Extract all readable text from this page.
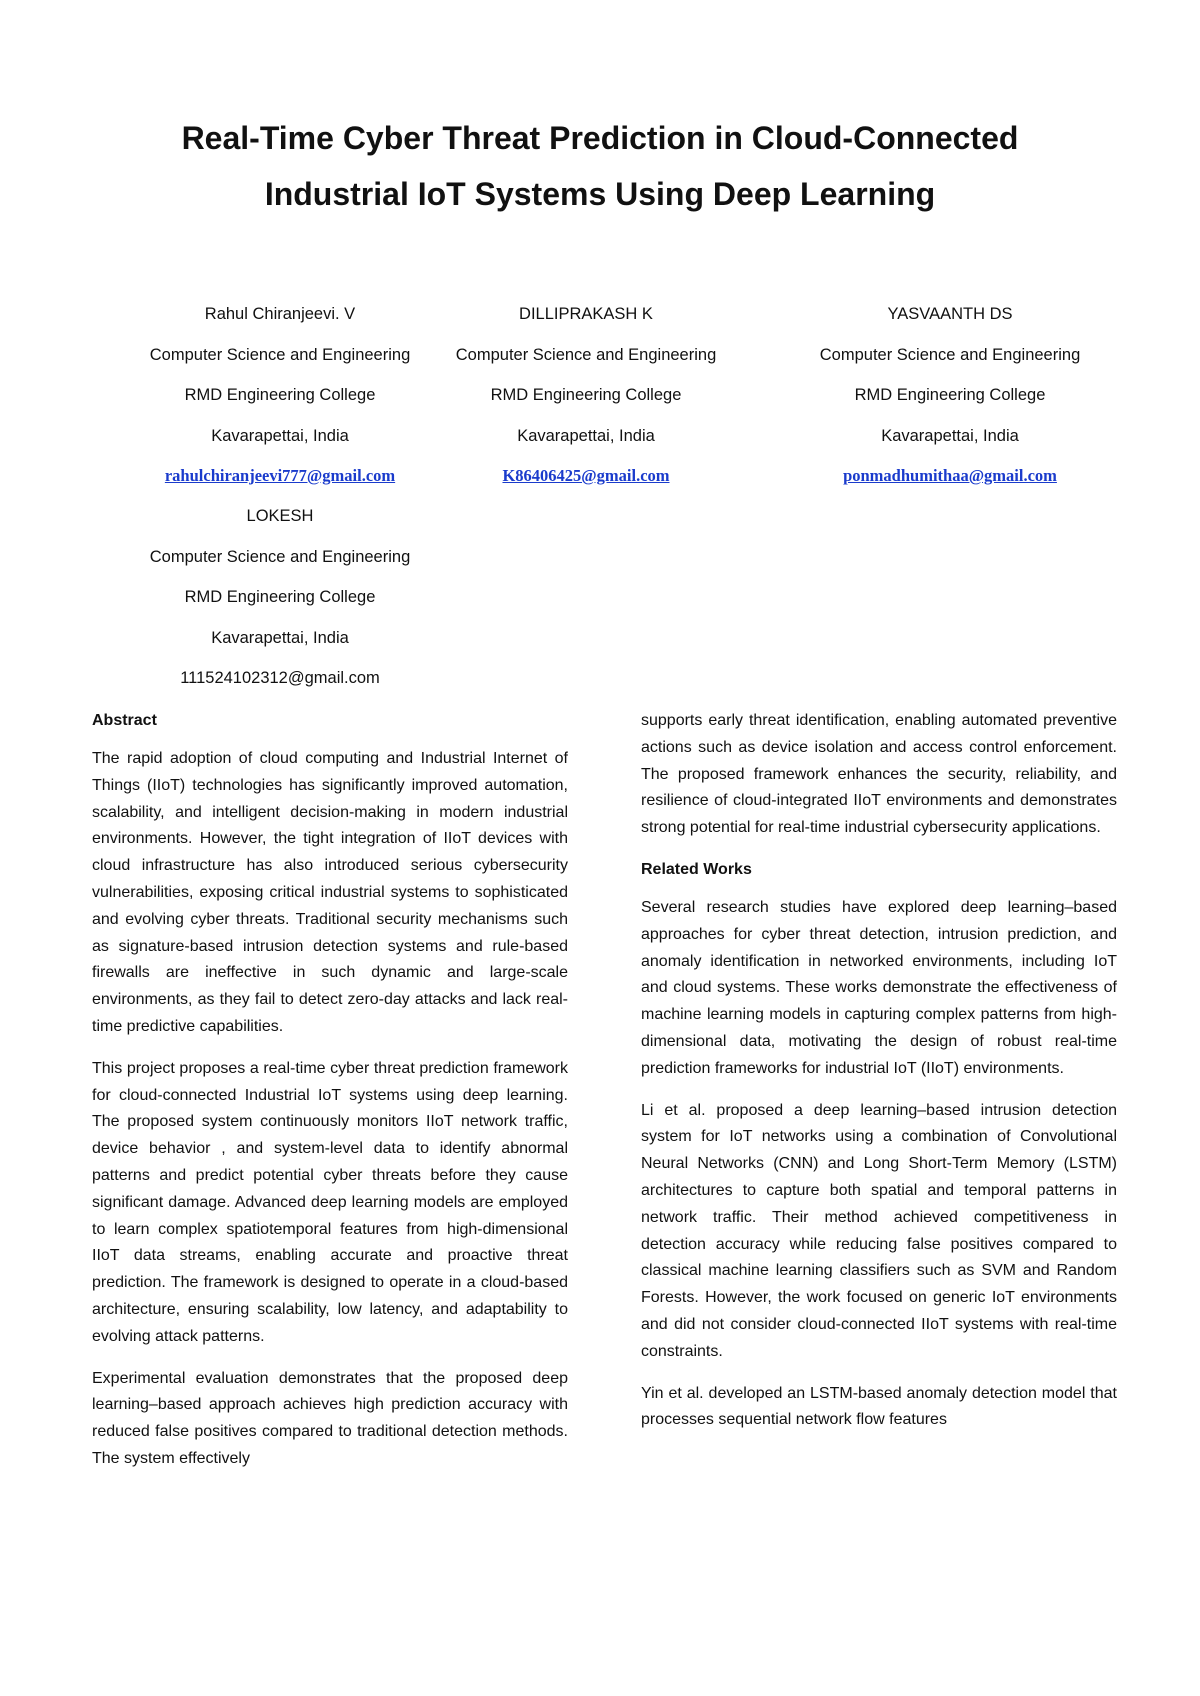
Real-Time Cyber Threat Prediction in Cloud-Connected
Industrial IoT Systems Using Deep Learning
Rahul Chiranjeevi. V
Computer Science and Engineering
RMD Engineering College
Kavarapettai, India
rahulchiranjeevi777@gmail.com
DILLIPRAKASH K
Computer Science and Engineering
RMD Engineering College
Kavarapettai, India
K86406425@gmail.com
YASVAANTH DS
Computer Science and Engineering
RMD Engineering College
Kavarapettai, India
ponmadhumithaa@gmail.com
LOKESH
Computer Science and Engineering
RMD Engineering College
Kavarapettai, India
111524102312@gmail.com
Abstract

The rapid adoption of cloud computing and Industrial Internet of Things (IIoT) technologies has significantly improved automation, scalability, and intelligent decision-making in modern industrial environments. However, the tight integration of IIoT devices with cloud infrastructure has also introduced serious cybersecurity vulnerabilities, exposing critical industrial systems to sophisticated and evolving cyber threats. Traditional security mechanisms such as signature-based intrusion detection systems and rule-based firewalls are ineffective in such dynamic and large-scale environments, as they fail to detect zero-day attacks and lack real-time predictive capabilities.

This project proposes a real-time cyber threat prediction framework for cloud-connected Industrial IoT systems using deep learning. The proposed system continuously monitors IIoT network traffic, device behavior , and system-level data to identify abnormal patterns and predict potential cyber threats before they cause significant damage. Advanced deep learning models are employed to learn complex spatiotemporal features from high-dimensional IIoT data streams, enabling accurate and proactive threat prediction. The framework is designed to operate in a cloud-based architecture, ensuring scalability, low latency, and adaptability to evolving attack patterns.

Experimental evaluation demonstrates that the proposed deep learning–based approach achieves high prediction accuracy with reduced false positives compared to traditional detection methods. The system effectively

supports early threat identification, enabling automated preventive actions such as device isolation and access control enforcement. The proposed framework enhances the security, reliability, and resilience of cloud-integrated IIoT environments and demonstrates strong potential for real-time industrial cybersecurity applications.

Related Works

Several research studies have explored deep learning–based approaches for cyber threat detection, intrusion prediction, and anomaly identification in networked environments, including IoT and cloud systems. These works demonstrate the effectiveness of machine learning models in capturing complex patterns from high-dimensional data, motivating the design of robust real-time prediction frameworks for industrial IoT (IIoT) environments.

Li et al. proposed a deep learning–based intrusion detection system for IoT networks using a combination of Convolutional Neural Networks (CNN) and Long Short-Term Memory (LSTM) architectures to capture both spatial and temporal patterns in network traffic. Their method achieved competitiveness in detection accuracy while reducing false positives compared to classical machine learning classifiers such as SVM and Random Forests. However, the work focused on generic IoT environments and did not consider cloud-connected IIoT systems with real-time constraints.

Yin et al. developed an LSTM-based anomaly detection model that processes sequential network flow features
